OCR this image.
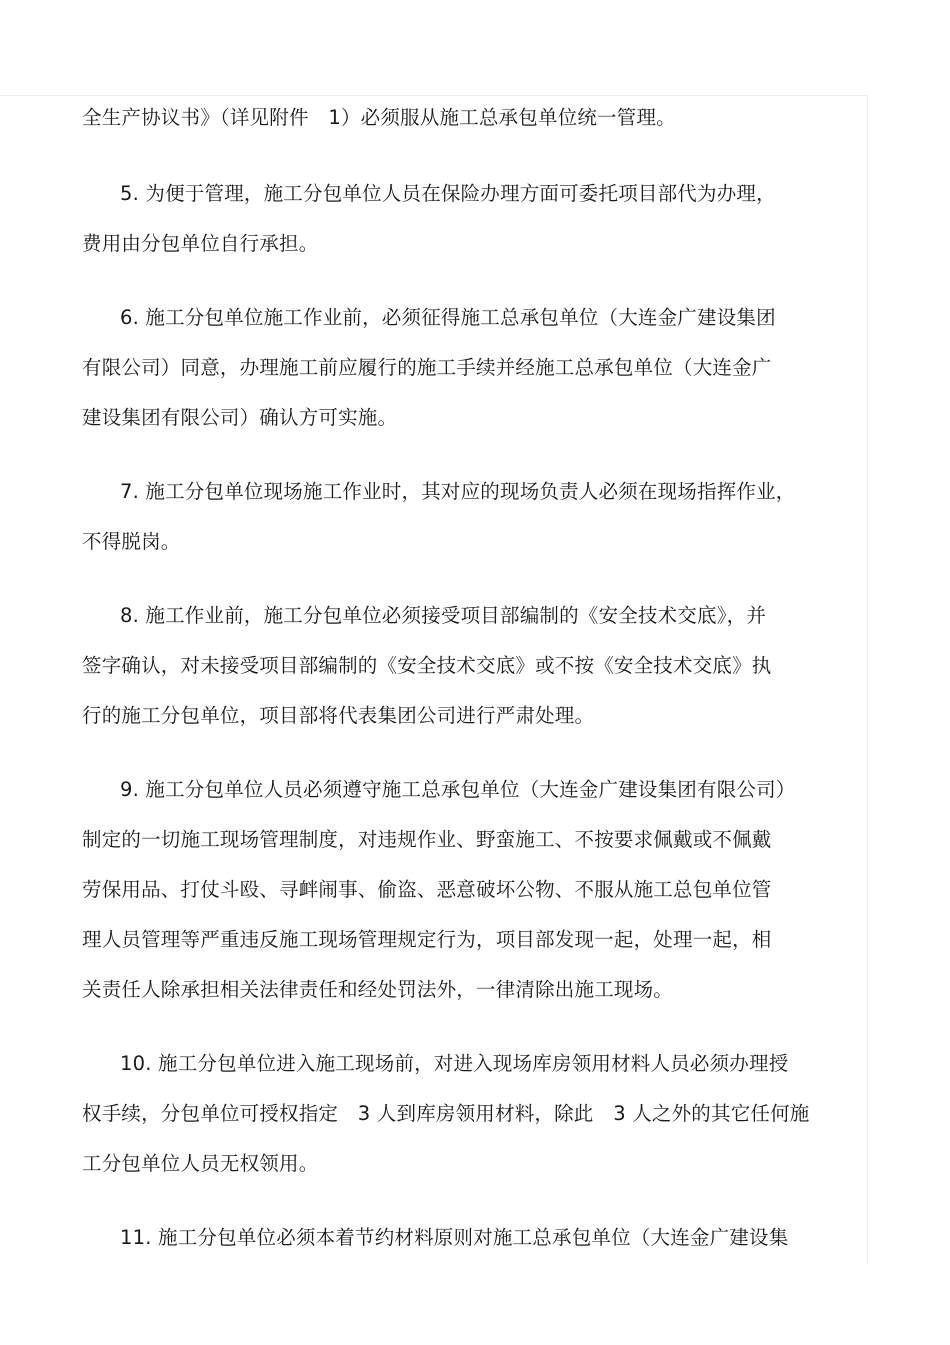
全生产协议书》（详见附件　1）必须服从施工总承包单位统一管理。
5. 为便于管理，施工分包单位人员在保险办理方面可委托项目部代为办理，
费用由分包单位自行承担。
6. 施工分包单位施工作业前，必须征得施工总承包单位（大连金广建设集团
有限公司）同意，办理施工前应履行的施工手续并经施工总承包单位（大连金广
建设集团有限公司）确认方可实施。
7. 施工分包单位现场施工作业时，其对应的现场负责人必须在现场指挥作业，
不得脱岗。
8. 施工作业前，施工分包单位必须接受项目部编制的《安全技术交底》，并
签字确认，对未接受项目部编制的《安全技术交底》或不按《安全技术交底》执
行的施工分包单位，项目部将代表集团公司进行严肃处理。
9. 施工分包单位人员必须遵守施工总承包单位（大连金广建设集团有限公司）
制定的一切施工现场管理制度，对违规作业、野蛮施工、不按要求佩戴或不佩戴
劳保用品、打仗斗殴、寻衅闹事、偷盗、恶意破坏公物、不服从施工总包单位管
理人员管理等严重违反施工现场管理规定行为，项目部发现一起，处理一起，相
关责任人除承担相关法律责任和经处罚法外，一律清除出施工现场。
10. 施工分包单位进入施工现场前，对进入现场库房领用材料人员必须办理授
权手续，分包单位可授权指定　3 人到库房领用材料，除此　3 人之外的其它任何施
工分包单位人员无权领用。
11. 施工分包单位必须本着节约材料原则对施工总承包单位（大连金广建设集
